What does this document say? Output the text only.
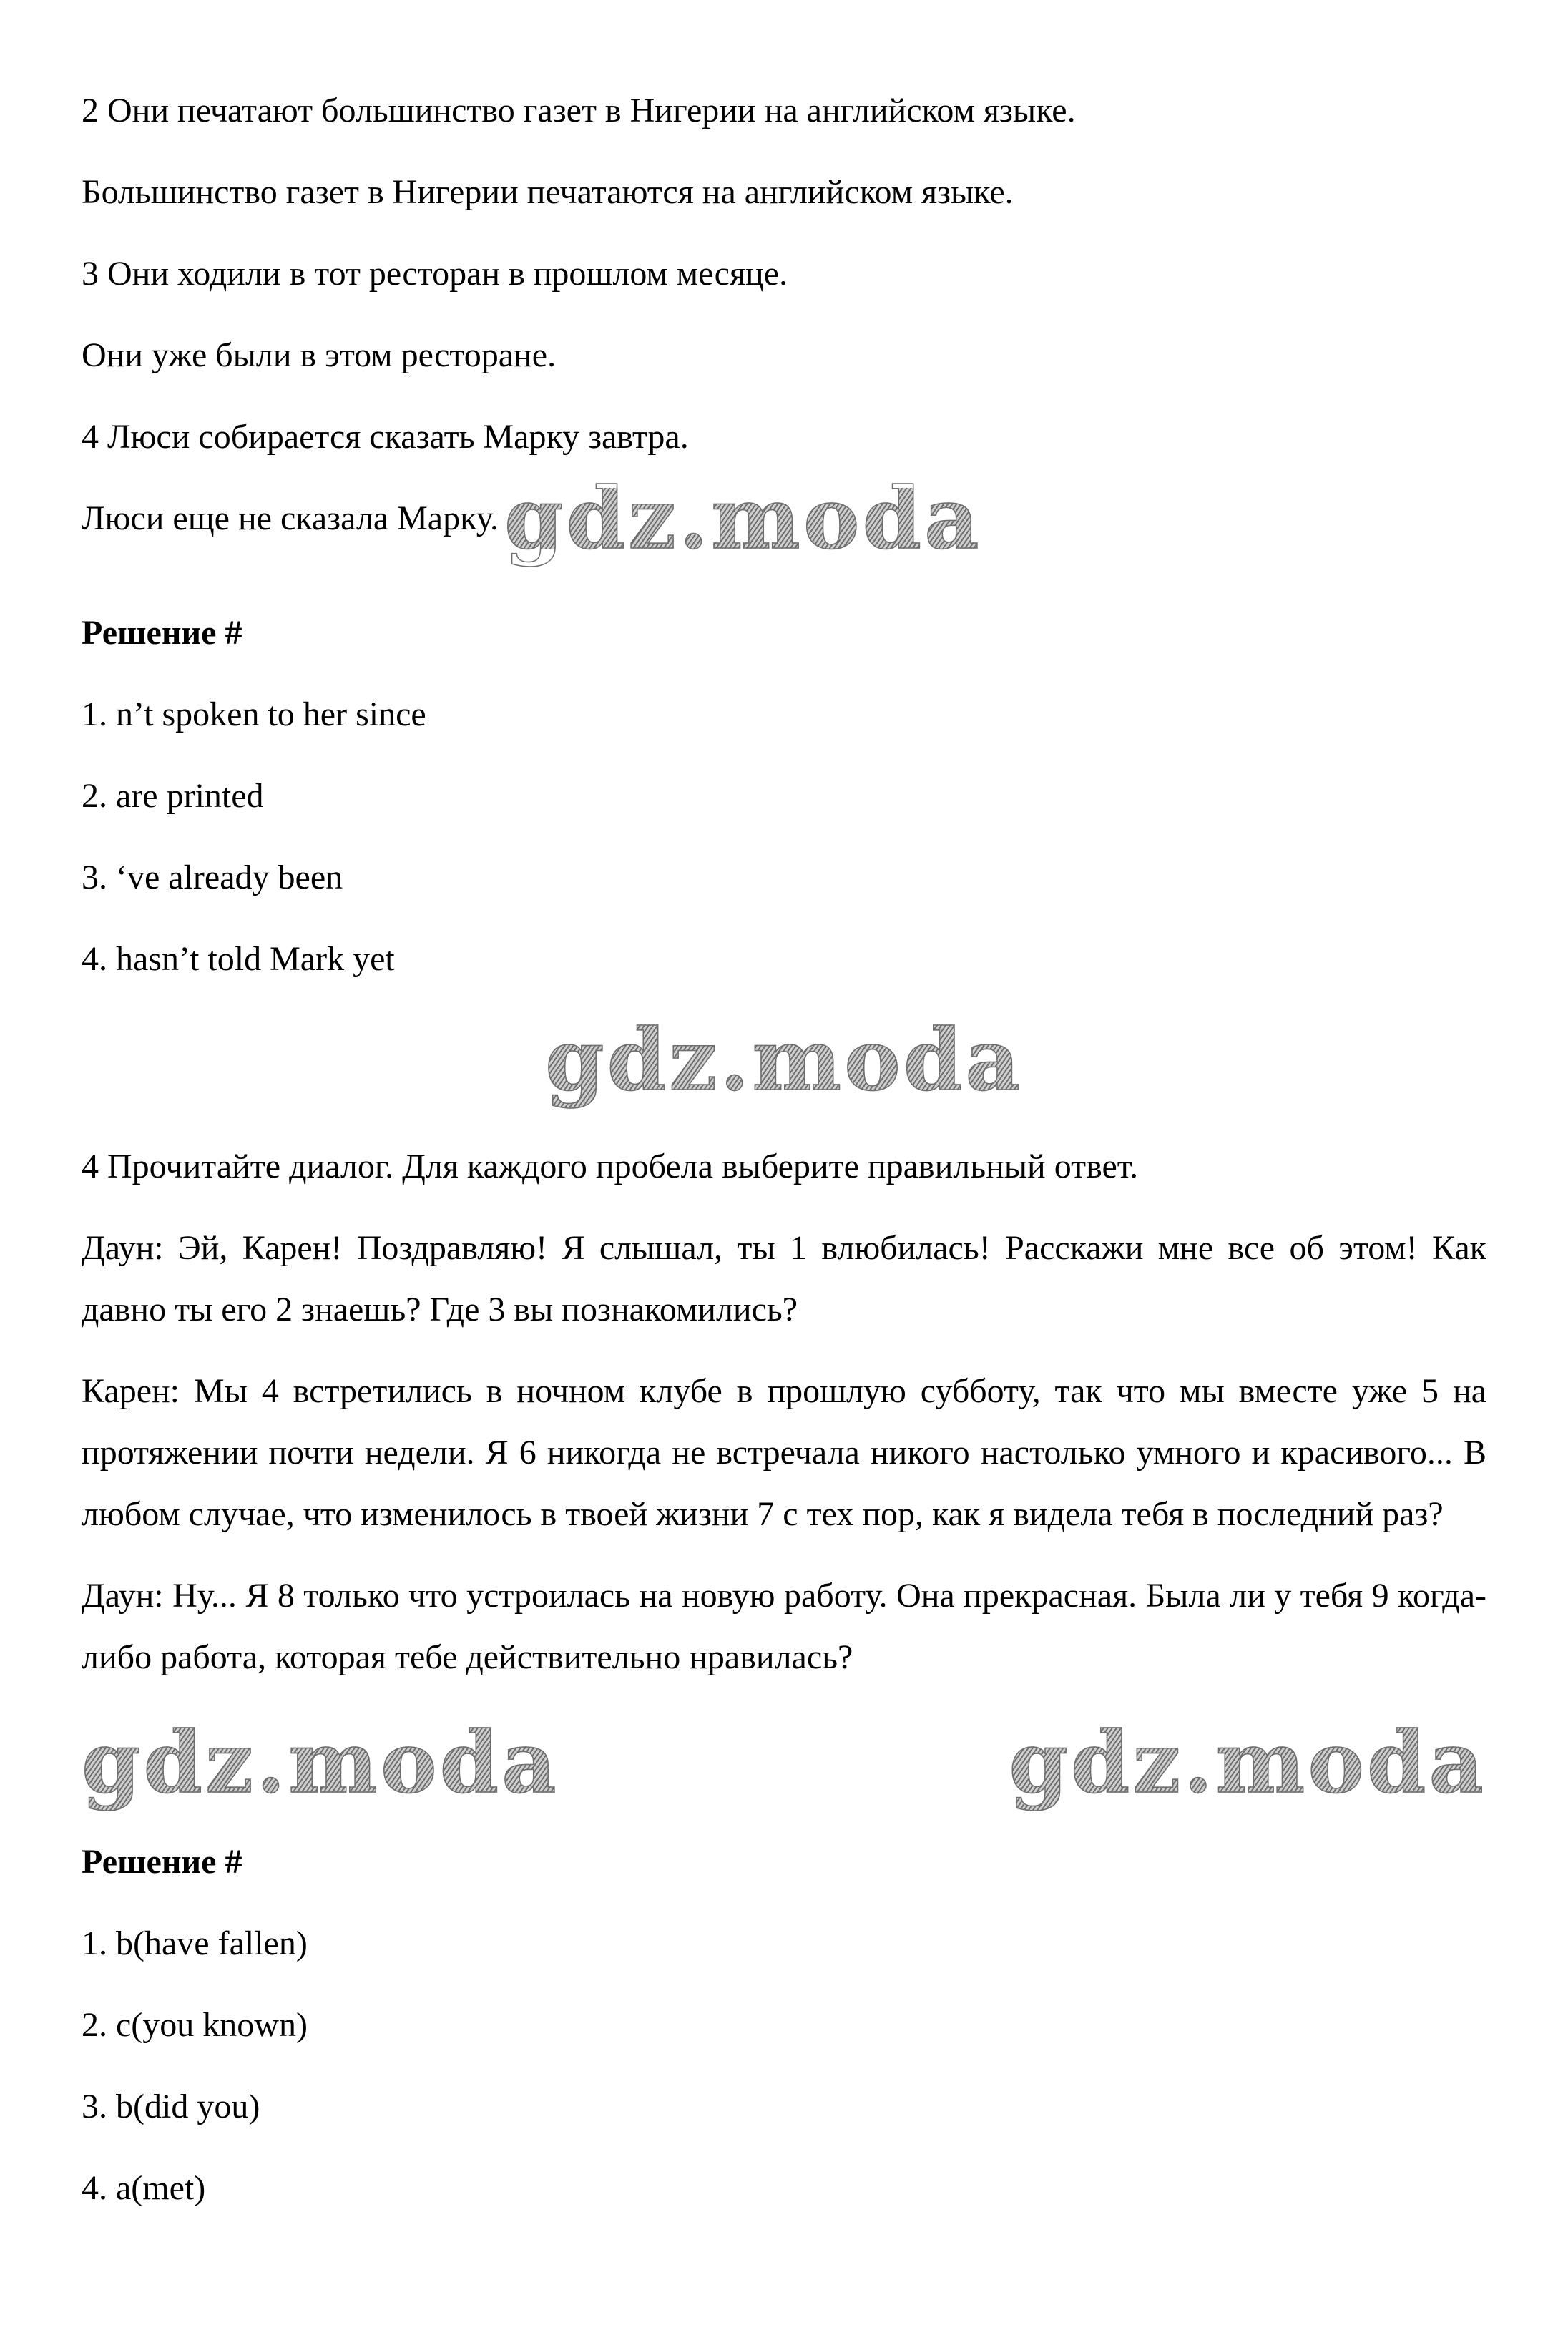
2 Они печатают большинство газет в Нигерии на английском языке.
Большинство газет в Нигерии печатаются на английском языке.
3 Они ходили в тот ресторан в прошлом месяце.
Они уже были в этом ресторане.
4 Люси собирается сказать Марку завтра.
Люси еще не сказала Марку.gdz.moda
Решение #
1. n’t spoken to her since
2. are printed
3. ‘ve already been
4. hasn’t told Mark yet
gdz.moda
4 Прочитайте диалог. Для каждого пробела выберите правильный ответ.
Даун: Эй, Карен! Поздравляю! Я слышал, ты 1 влюбилась! Расскажи мне все об этом! Как давно ты его 2 знаешь? Где 3 вы познакомились?
Карен: Мы 4 встретились в ночном клубе в прошлую субботу, так что мы вместе уже 5 на протяжении почти недели. Я 6 никогда не встречала никого настолько умного и красивого... В любом случае, что изменилось в твоей жизни 7 с тех пор, как я видела тебя в последний раз?
Даун: Ну... Я 8 только что устроилась на новую работу. Она прекрасная. Была ли у тебя 9 когда- либо работа, которая тебе действительно нравилась?
gdz.moda	gdz.moda
Решение #
1. b(have fallen)
2. c(you known)
3. b(did you)
4. a(met)
